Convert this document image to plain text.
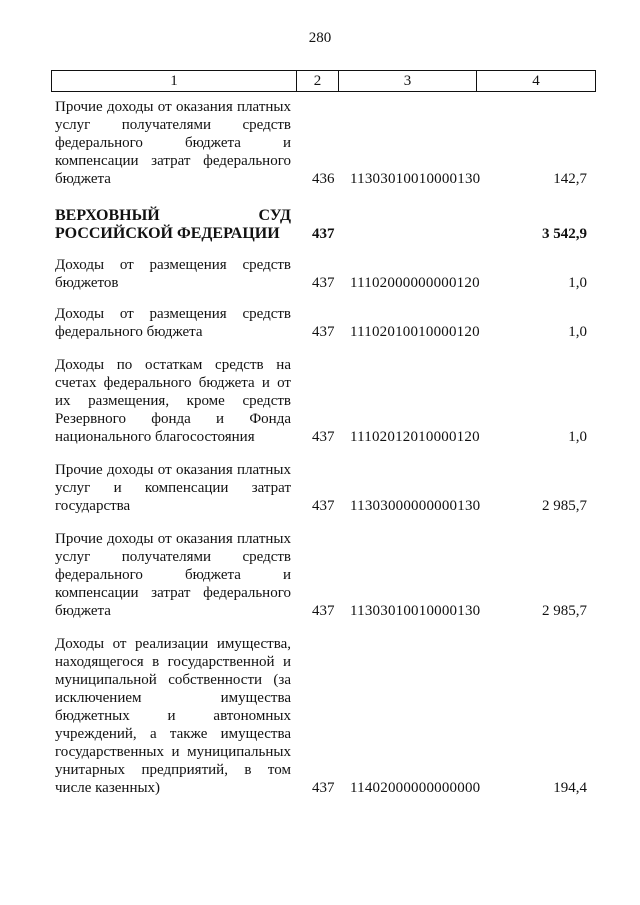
280
1	2	3	4
Прочие доходы от оказания платных услуг получателями средств федерального бюджета и компенсации затрат федерального бюджета	436 11303010010000130	142,7
ВЕРХОВНЫЙ СУД РОССИЙСКОЙ ФЕДЕРАЦИИ	437	3 542,9
Доходы от размещения средств бюджетов	437 11102000000000120	1,0
Доходы от размещения средств федерального бюджета	437 11102010010000120	1,0
Доходы по остаткам средств на счетах федерального бюджета и от их размещения, кроме средств Резервного фонда и Фонда национального благосостояния	437 11102012010000120	1,0
Прочие доходы от оказания платных услуг и компенсации затрат государства	437 11303000000000130	2 985,7
Прочие доходы от оказания платных услуг получателями средств федерального бюджета и компенсации затрат федерального бюджета	437 11303010010000130	2 985,7
Доходы от реализации имущества, находящегося в государственной и муниципальной собственности (за исключением имущества бюджетных и автономных учреждений, а также имущества государственных и муниципальных унитарных предприятий, в том числе казенных)	437 11402000000000000	194,4
